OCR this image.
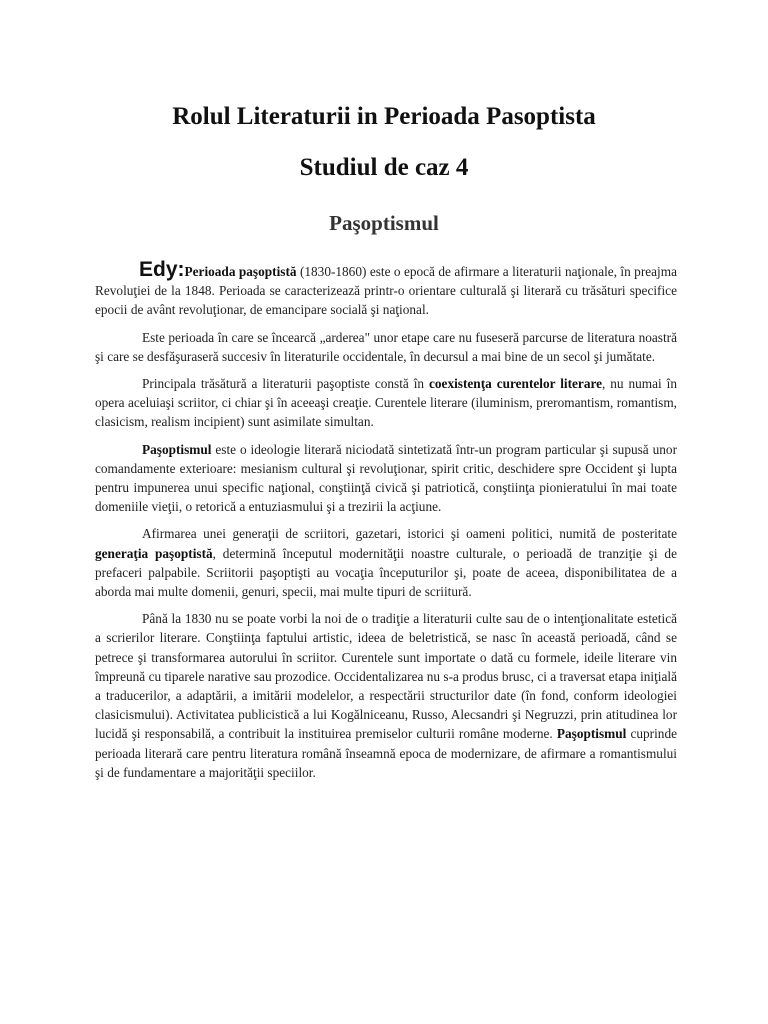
Rolul Literaturii in Perioada Pasoptista
Studiul de caz 4
Paşoptismul

Edy:Perioada paşoptistă (1830-1860) este o epocă de afirmare a literaturii naţionale, în preajma Revoluţiei de la 1848. Perioada se caracterizează printr-o orientare culturală şi literară cu trăsături specifice epocii de avânt revoluţionar, de emancipare socială şi naţional.

Este perioada în care se încearcă „arderea" unor etape care nu fuseseră parcurse de literatura noastră şi care se desfăşuraseră succesiv în literaturile occidentale, în decursul a mai bine de un secol şi jumătate.

Principala trăsătură a literaturii paşoptiste constă în coexistenţa curentelor literare, nu numai în opera aceluiaşi scriitor, ci chiar şi în aceeaşi creaţie. Curentele literare (iluminism, preromantism, romantism, clasicism, realism incipient) sunt asimilate simultan.

Paşoptismul este o ideologie literară niciodată sintetizată într-un program particular şi supusă unor comandamente exterioare: mesianism cultural şi revoluţionar, spirit critic, deschidere spre Occident şi lupta pentru impunerea unui specific naţional, conştiinţă civică şi patriotică, conştiinţa pionieratului în mai toate domeniile vieţii, o retorică a entuziasmului şi a trezirii la acţiune.

Afirmarea unei generaţii de scriitori, gazetari, istorici şi oameni politici, numită de posteritate generaţia paşoptistă, determină începutul modernităţii noastre culturale, o perioadă de tranziţie şi de prefaceri palpabile. Scriitorii paşoptişti au vocaţia începuturilor şi, poate de aceea, disponibilitatea de a aborda mai multe domenii, genuri, specii, mai multe tipuri de scriitură.

Până la 1830 nu se poate vorbi la noi de o tradiţie a literaturii culte sau de o intenţionalitate estetică a scrierilor literare. Conştiinţa faptului artistic, ideea de beletristică, se nasc în această perioadă, când se petrece şi transformarea autorului în scriitor. Curentele sunt importate o dată cu formele, ideile literare vin împreună cu tiparele narative sau prozodice. Occidentalizarea nu s-a produs brusc, ci a traversat etapa iniţială a traducerilor, a adaptării, a imitării modelelor, a respectării structurilor date (în fond, conform ideologiei clasicismului). Activitatea publicistică a lui Kogălniceanu, Russo, Alecsandri şi Negruzzi, prin atitudinea lor lucidă şi responsabilă, a contribuit la instituirea premiselor culturii române moderne. Paşoptismul cuprinde perioada literară care pentru literatura română înseamnă epoca de modernizare, de afirmare a romantismului şi de fundamentare a majorităţii speciilor.
